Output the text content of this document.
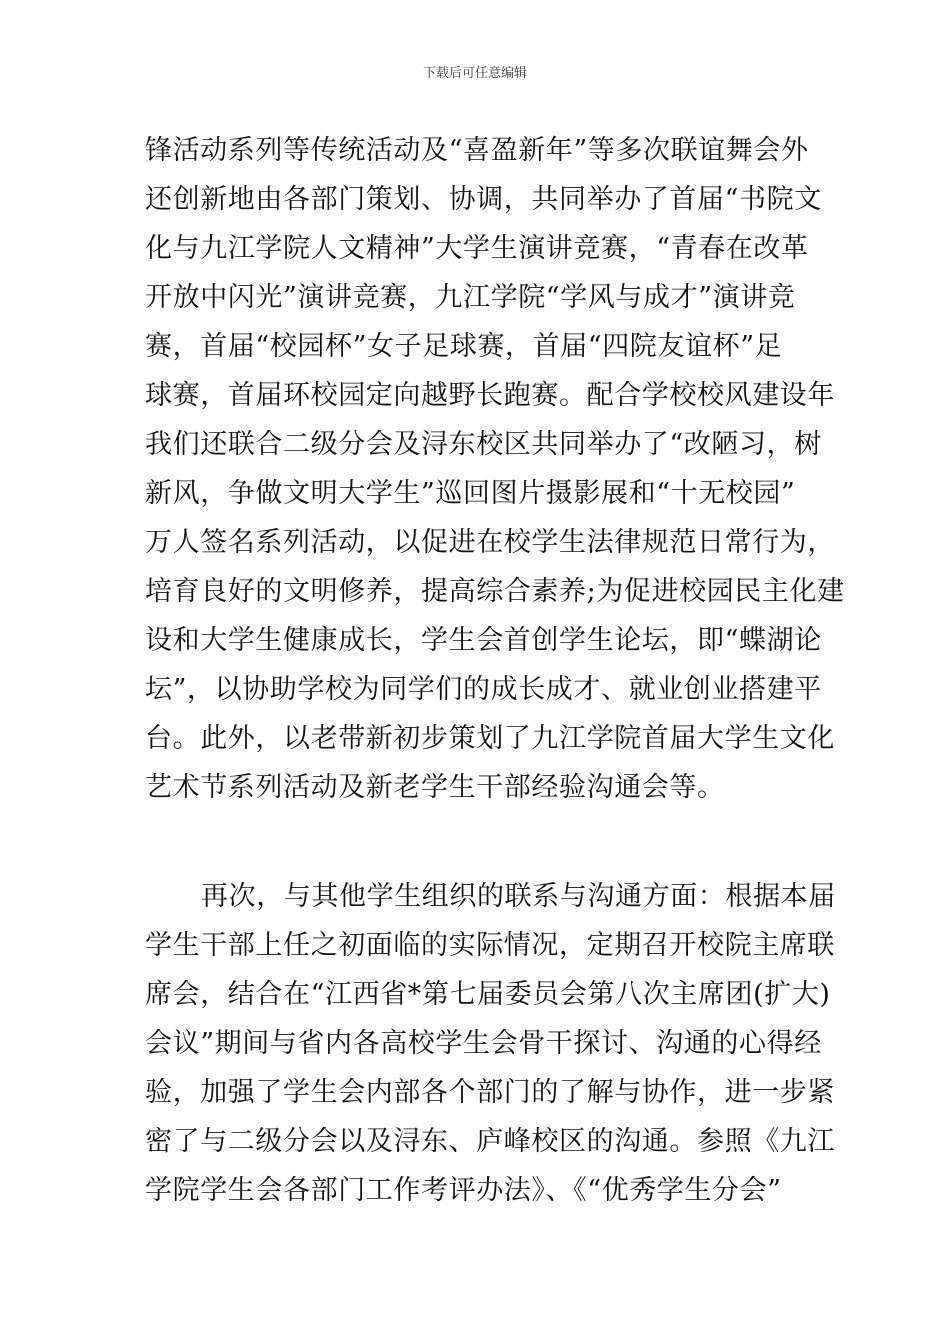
下载后可任意编辑
锋活动系列等传统活动及“喜盈新年”等多次联谊舞会外
还创新地由各部门策划、协调，共同举办了首届“书院文
化与九江学院人文精神”大学生演讲竞赛，“青春在改革
开放中闪光”演讲竞赛，九江学院“学风与成才”演讲竞
赛，首届“校园杯”女子足球赛，首届“四院友谊杯”足
球赛，首届环校园定向越野长跑赛。配合学校校风建设年
我们还联合二级分会及浔东校区共同举办了“改陋习，树
新风，争做文明大学生”巡回图片摄影展和“十无校园”
万人签名系列活动，以促进在校学生法律规范日常行为，
培育良好的文明修养，提高综合素养;为促进校园民主化建
设和大学生健康成长，学生会首创学生论坛，即“蝶湖论
坛”，以协助学校为同学们的成长成才、就业创业搭建平
台。此外，以老带新初步策划了九江学院首届大学生文化
艺术节系列活动及新老学生干部经验沟通会等。
再次，与其他学生组织的联系与沟通方面：根据本届
学生干部上任之初面临的实际情况，定期召开校院主席联
席会，结合在“江西省*第七届委员会第八次主席团(扩大)
会议”期间与省内各高校学生会骨干探讨、沟通的心得经
验，加强了学生会内部各个部门的了解与协作，进一步紧
密了与二级分会以及浔东、庐峰校区的沟通。参照《九江
学院学生会各部门工作考评办法》、《“优秀学生分会”
